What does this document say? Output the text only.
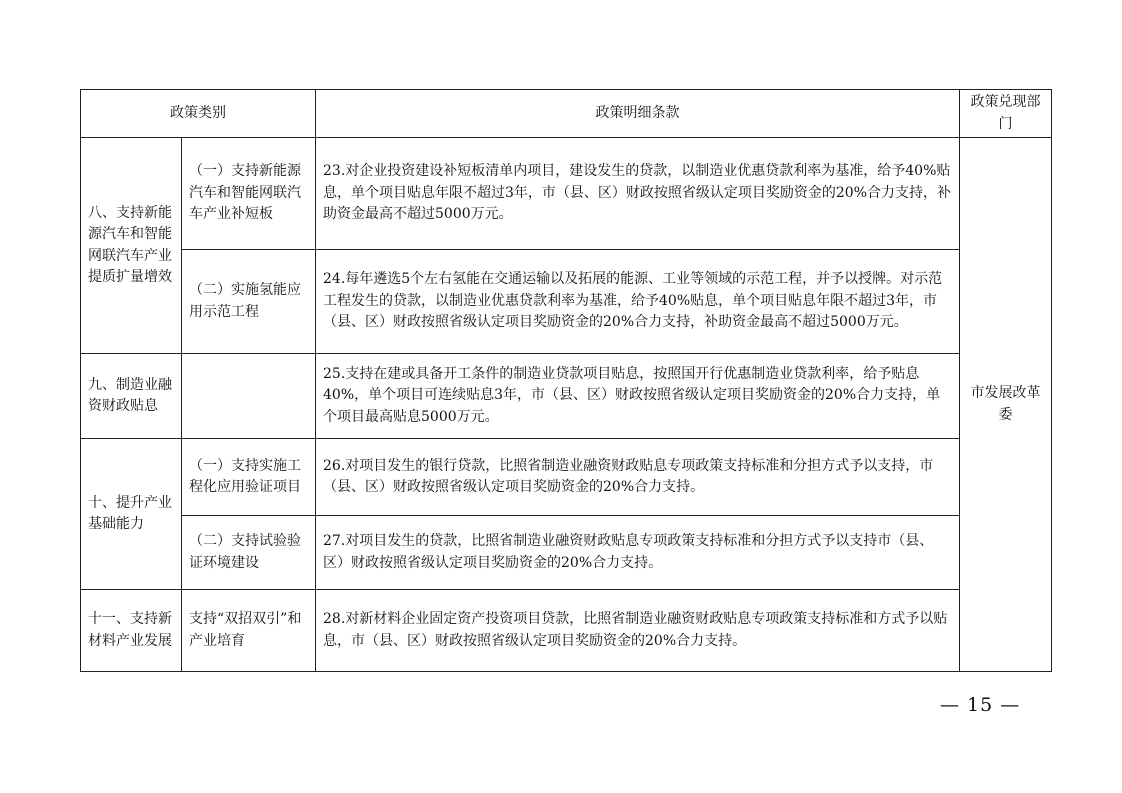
政策类别		政策明细条款	政策兑现部门
八、支持新能源汽车和智能网联汽车产业提质扩量增效	（一）支持新能源汽车和智能网联汽车产业补短板	23.对企业投资建设补短板清单内项目，建设发生的贷款，以制造业优惠贷款利率为基准，给予40%贴息，单个项目贴息年限不超过3年，市（县、区）财政按照省级认定项目奖励资金的20%合力支持，补助资金最高不超过5000万元。	市发展改革委
	（二）实施氢能应用示范工程	24.每年遴选5个左右氢能在交通运输以及拓展的能源、工业等领域的示范工程，并予以授牌。对示范工程发生的贷款，以制造业优惠贷款利率为基准，给予40%贴息，单个项目贴息年限不超过3年，市（县、区）财政按照省级认定项目奖励资金的20%合力支持，补助资金最高不超过5000万元。	
九、制造业融资财政贴息		25.支持在建或具备开工条件的制造业贷款项目贴息，按照国开行优惠制造业贷款利率，给予贴息40%，单个项目可连续贴息3年，市（县、区）财政按照省级认定项目奖励资金的20%合力支持，单个项目最高贴息5000万元。	
十、提升产业基础能力	（一）支持实施工程化应用验证项目	26.对项目发生的银行贷款，比照省制造业融资财政贴息专项政策支持标准和分担方式予以支持，市（县、区）财政按照省级认定项目奖励资金的20%合力支持。	
	（二）支持试验验证环境建设	27.对项目发生的贷款，比照省制造业融资财政贴息专项政策支持标准和分担方式予以支持市（县、区）财政按照省级认定项目奖励资金的20%合力支持。	
十一、支持新材料产业发展	支持“双招双引”和产业培育	28.对新材料企业固定资产投资项目贷款，比照省制造业融资财政贴息专项政策支持标准和方式予以贴息，市（县、区）财政按照省级认定项目奖励资金的20%合力支持。	
— 15 —
